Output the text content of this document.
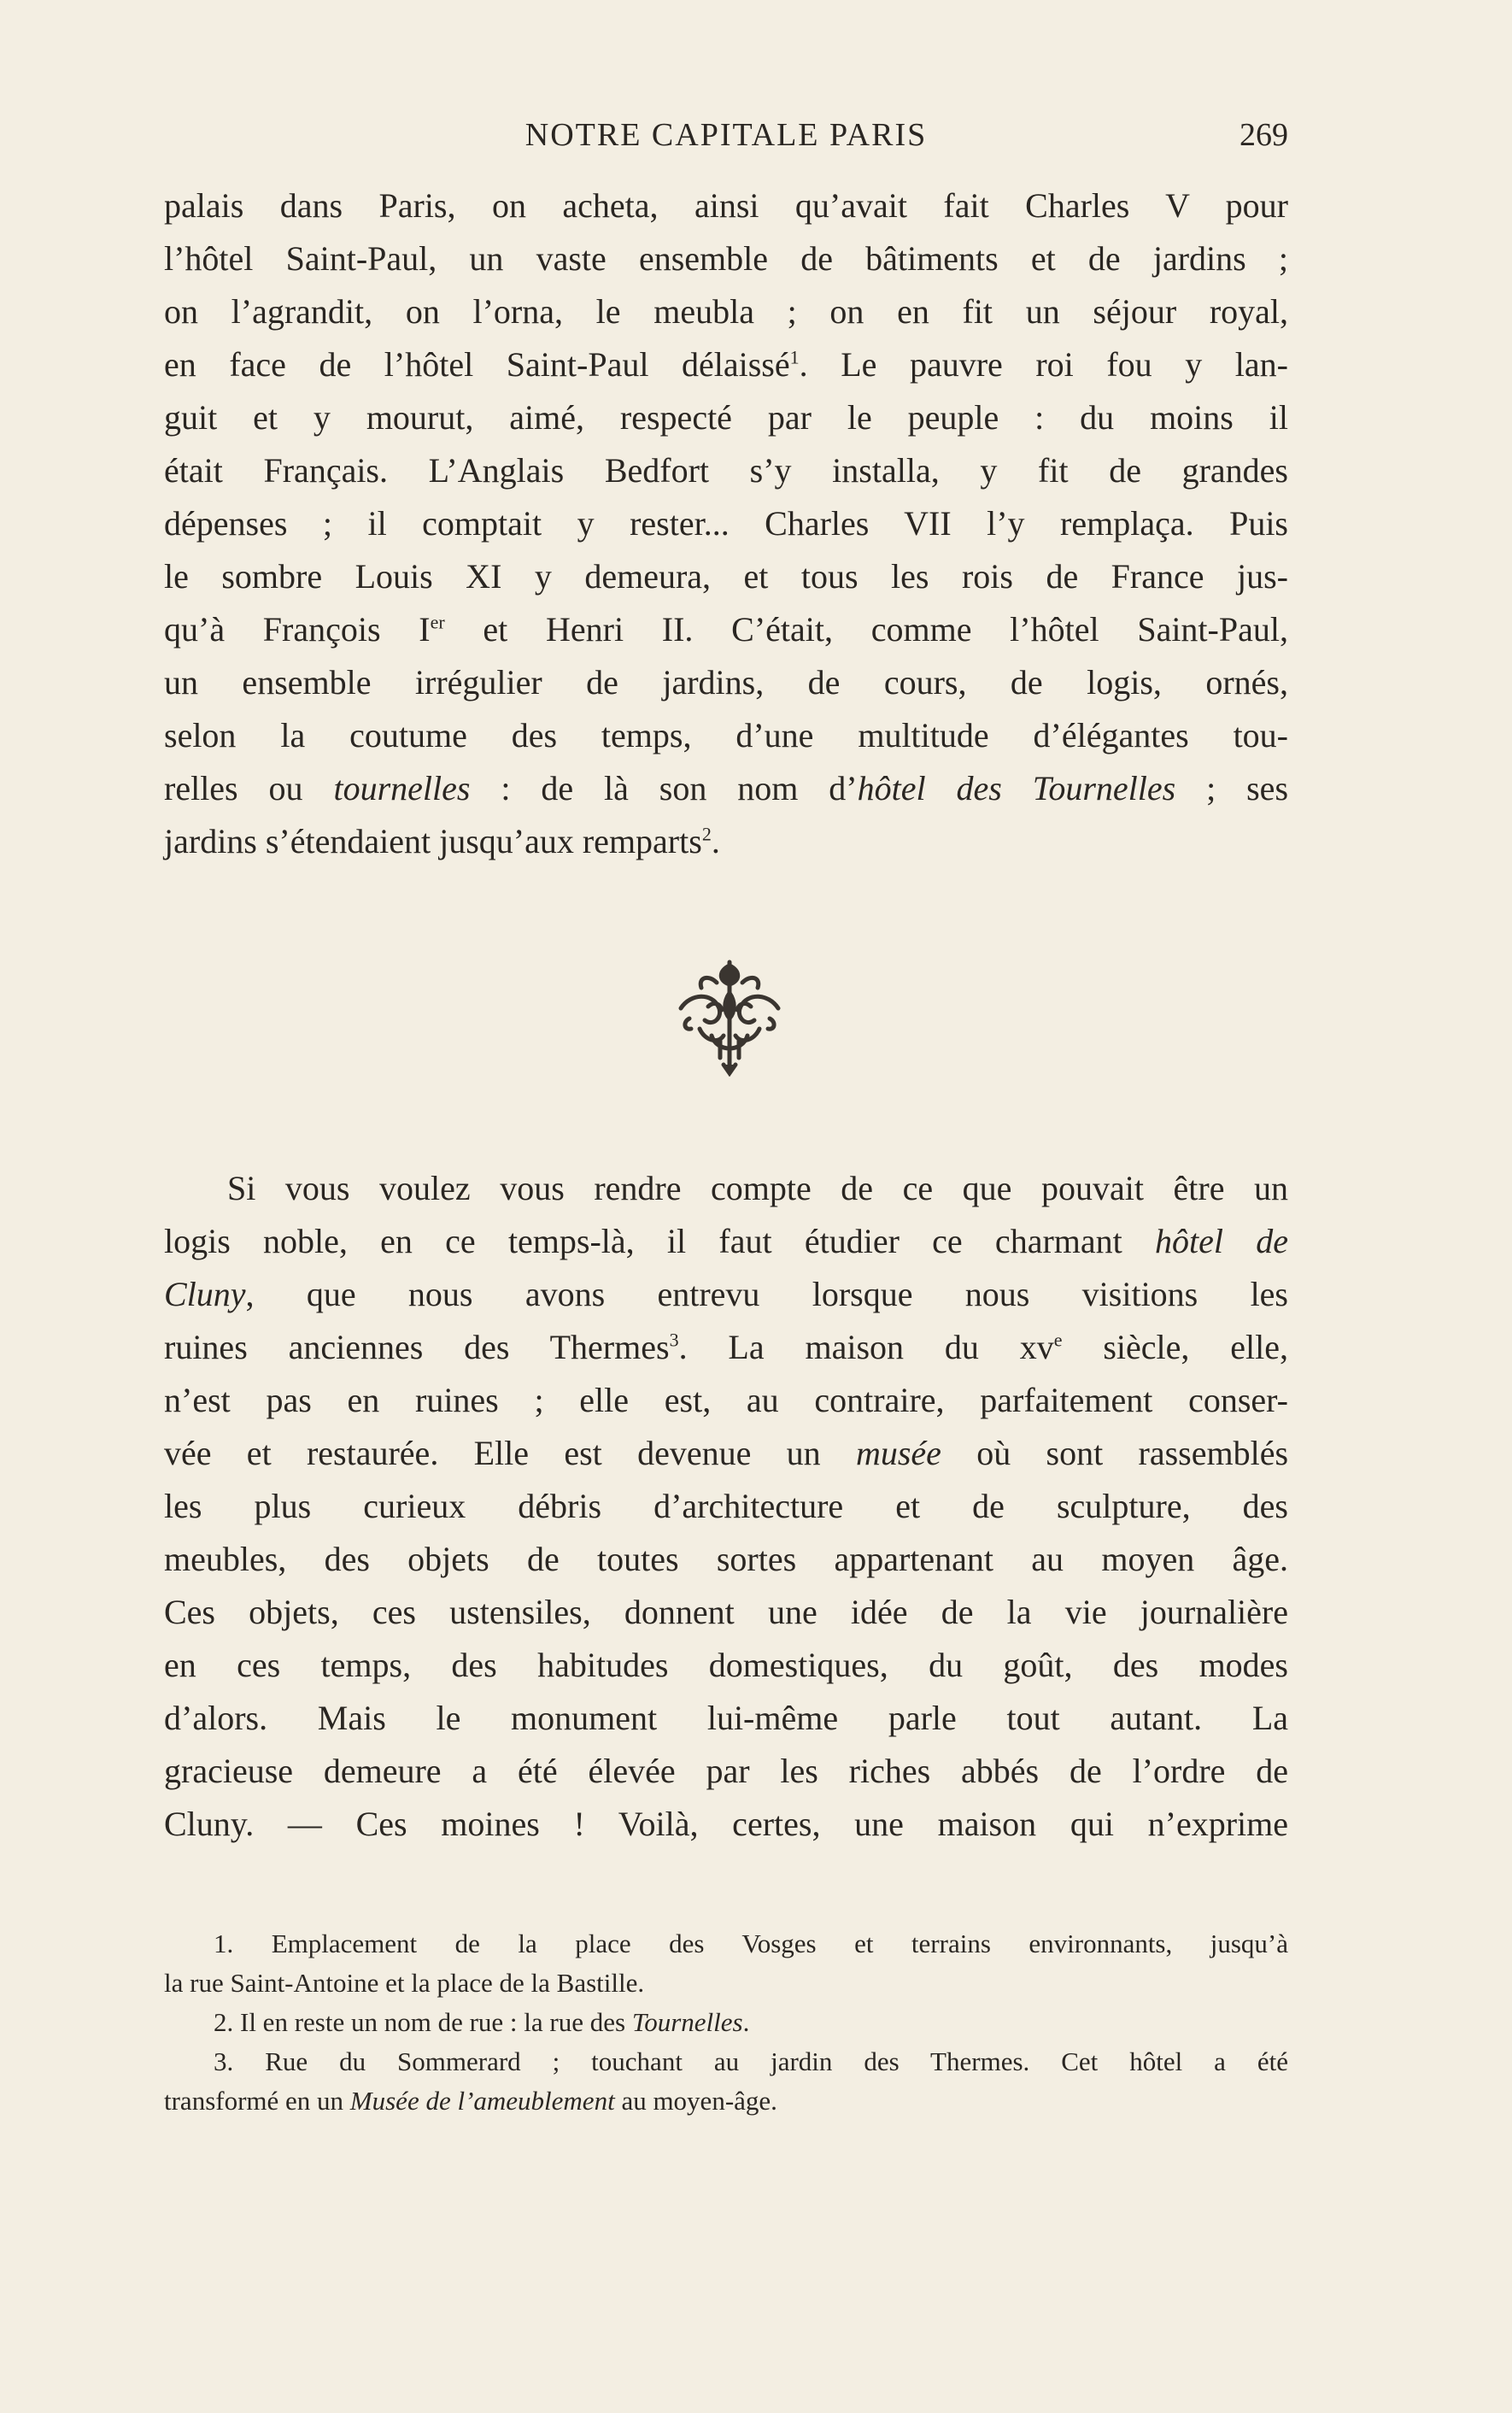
NOTRE CAPITALE PARIS	269
palais dans Paris, on acheta, ainsi qu’avait fait Charles V pour
l’hôtel Saint-Paul, un vaste ensemble de bâtiments et de jardins ;
on l’agrandit, on l’orna, le meubla ; on en fit un séjour royal,
en face de l’hôtel Saint-Paul délaissé$^1$. Le pauvre roi fou y lan-
guit et y mourut, aimé, respecté par le peuple : du moins il
était Français. L’Anglais Bedfort s’y installa, y fit de grandes
dépenses ; il comptait y rester... Charles VII l’y remplaça. Puis
le sombre Louis XI y demeura, et tous les rois de France jus-
qu’à François Ier et Henri II. C’était, comme l’hôtel Saint-Paul,
un ensemble irrégulier de jardins, de cours, de logis, ornés,
selon la coutume des temps, d’une multitude d’élégantes tou-
relles ou tournelles : de là son nom d’hôtel des Tournelles ; ses
jardins s’étendaient jusqu’aux remparts$^2$.
Si vous voulez vous rendre compte de ce que pouvait être un
logis noble, en ce temps-là, il faut étudier ce charmant hôtel de
Cluny, que nous avons entrevu lorsque nous visitions les
ruines anciennes des Thermes$^3$. La maison du $xv^e$ siècle, elle,
n’est pas en ruines ; elle est, au contraire, parfaitement conser-
vée et restaurée. Elle est devenue un musée où sont rassemblés
les plus curieux débris d’architecture et de sculpture, des
meubles, des objets de toutes sortes appartenant au moyen âge.
Ces objets, ces ustensiles, donnent une idée de la vie journalière
en ces temps, des habitudes domestiques, du goût, des modes
d’alors. Mais le monument lui-même parle tout autant. La
gracieuse demeure a été élevée par les riches abbés de l’ordre de
Cluny. — Ces moines ! Voilà, certes, une maison qui n’exprime
1. Emplacement de la place des Vosges et terrains environnants, jusqu’à
la rue Saint-Antoine et la place de la Bastille.
2. Il en reste un nom de rue : la rue des Tournelles.
3. Rue du Sommerard ; touchant au jardin des Thermes. Cet hôtel a été
transformé en un Musée de l’ameublement au moyen-âge.
